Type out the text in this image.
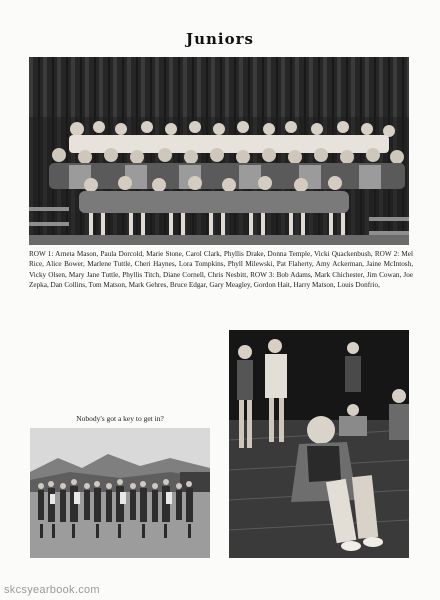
Juniors
ROW 1: Arneta Mason, Paula Dorcold, Marie Stone, Carol Clark, Phyllis Drake, Donna Temple, Vicki Quackenbush, ROW 2: Mel Rice, Alice Bower, Marlene Tuttle, Cheri Haynes, Lora Tompkins, Phyll Milewski, Pat Flaherty, Amy Ackerman, Jaine McIntosh, Vicky Olsen, Mary Jane Tuttle, Phyllis Titch, Diane Cornell, Chris Nesbitt, ROW 3: Bob Adams, Mark Chichester, Jim Cowan, Joe Zepka, Dan Collins, Tom Matson, Mark Gehres, Bruce Edgar, Gary Meagley, Gordon Hait, Harry Matson, Louis Donfrio,
Nobody's got a key to get in?
skcsyearbook.com
